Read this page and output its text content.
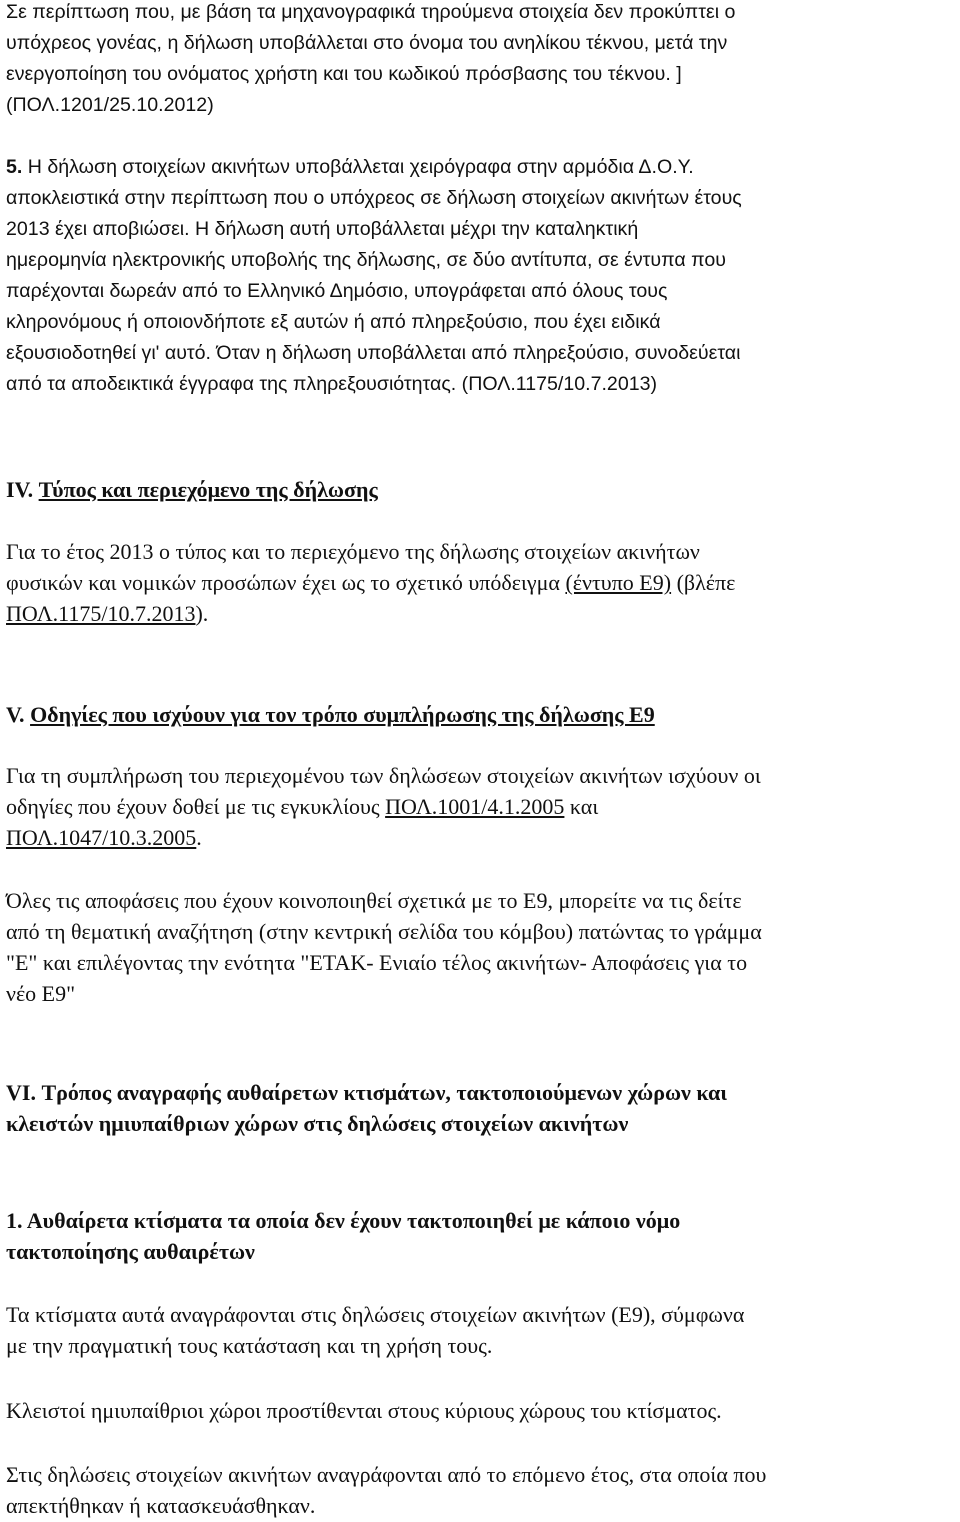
Σε περίπτωση που, με βάση τα μηχανογραφικά τηρούμενα στοιχεία δεν προκύπτει ο
υπόχρεος γονέας, η δήλωση υποβάλλεται στο όνομα του ανηλίκου τέκνου, μετά την
ενεργοποίηση του ονόματος χρήστη και του κωδικού πρόσβασης του τέκνου. ]
(ΠΟΛ.1201/25.10.2012)

5. Η δήλωση στοιχείων ακινήτων υποβάλλεται χειρόγραφα στην αρμόδια Δ.Ο.Υ.
αποκλειστικά στην περίπτωση που ο υπόχρεος σε δήλωση στοιχείων ακινήτων έτους
2013 έχει αποβιώσει. Η δήλωση αυτή υποβάλλεται μέχρι την καταληκτική
ημερομηνία ηλεκτρονικής υποβολής της δήλωσης, σε δύο αντίτυπα, σε έντυπα που
παρέχονται δωρεάν από το Ελληνικό Δημόσιο, υπογράφεται από όλους τους
κληρονόμους ή οποιονδήποτε εξ αυτών ή από πληρεξούσιο, που έχει ειδικά
εξουσιοδοτηθεί γι' αυτό. Όταν η δήλωση υποβάλλεται από πληρεξούσιο, συνοδεύεται
από τα αποδεικτικά έγγραφα της πληρεξουσιότητας. (ΠΟΛ.1175/10.7.2013)

IV. Τύπος και περιεχόμενο της δήλωσης

Για το έτος 2013 ο τύπος και το περιεχόμενο της δήλωσης στοιχείων ακινήτων
φυσικών και νομικών προσώπων έχει ως το σχετικό υπόδειγμα (έντυπο Ε9) (βλέπε
ΠΟΛ.1175/10.7.2013).

V. Οδηγίες που ισχύουν για τον τρόπο συμπλήρωσης της δήλωσης Ε9

Για τη συμπλήρωση του περιεχομένου των δηλώσεων στοιχείων ακινήτων ισχύουν οι
οδηγίες που έχουν δοθεί με τις εγκυκλίους ΠΟΛ.1001/4.1.2005 και
ΠΟΛ.1047/10.3.2005.

Όλες τις αποφάσεις που έχουν κοινοποιηθεί σχετικά με το Ε9, μπορείτε να τις δείτε
από τη θεματική αναζήτηση (στην κεντρική σελίδα του κόμβου) πατώντας το γράμμα
"Ε" και επιλέγοντας την ενότητα "ΕΤΑΚ- Ενιαίο τέλος ακινήτων- Αποφάσεις για το
νέο Ε9"

VI. Τρόπος αναγραφής αυθαίρετων κτισμάτων, τακτοποιούμενων χώρων και
κλειστών ημιυπαίθριων χώρων στις δηλώσεις στοιχείων ακινήτων
1. Αυθαίρετα κτίσματα τα οποία δεν έχουν τακτοποιηθεί με κάποιο νόμο
τακτοποίησης αυθαιρέτων

Τα κτίσματα αυτά αναγράφονται στις δηλώσεις στοιχείων ακινήτων (Ε9), σύμφωνα
με την πραγματική τους κατάσταση και τη χρήση τους.

Κλειστοί ημιυπαίθριοι χώροι προστίθενται στους κύριους χώρους του κτίσματος.

Στις δηλώσεις στοιχείων ακινήτων αναγράφονται από το επόμενο έτος, στα οποία που
απεκτήθηκαν ή κατασκευάσθηκαν.
